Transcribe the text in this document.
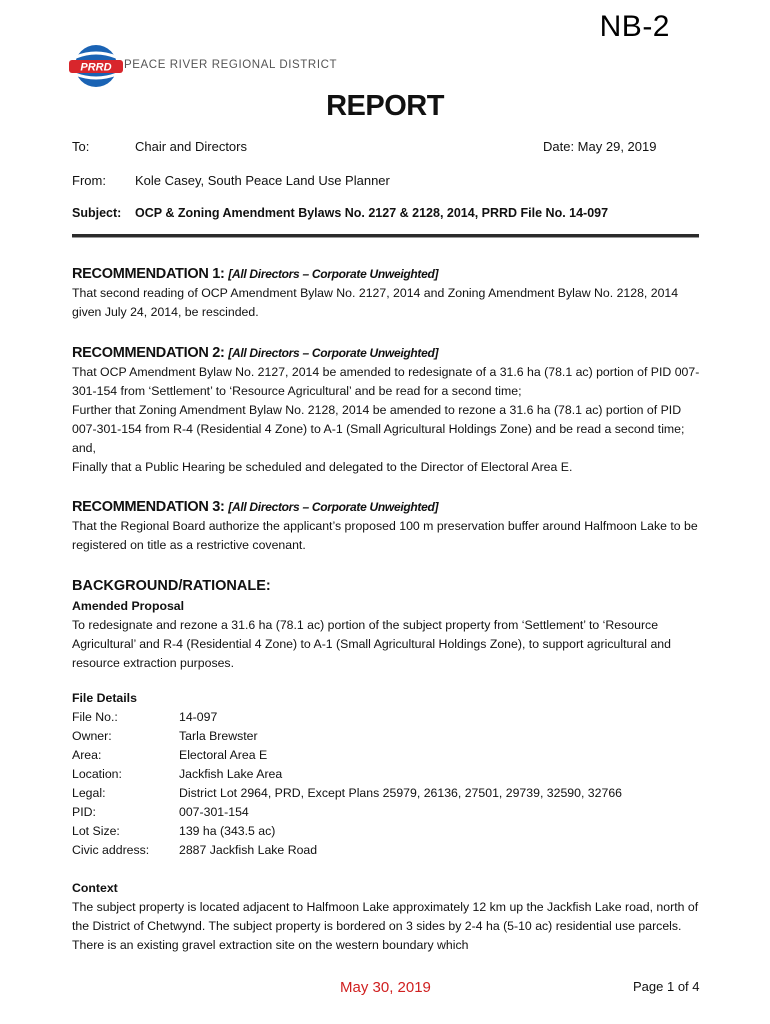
NB-2
PRRD PEACE RIVER REGIONAL DISTRICT
REPORT
To:	Chair and Directors	Date: May 29, 2019
From: Kole Casey, South Peace Land Use Planner
Subject: OCP & Zoning Amendment Bylaws No. 2127 & 2128, 2014, PRRD File No. 14-097
RECOMMENDATION 1: [All Directors – Corporate Unweighted]

That second reading of OCP Amendment Bylaw No. 2127, 2014 and Zoning Amendment Bylaw No. 2128, 2014 given July 24, 2014, be rescinded.

RECOMMENDATION 2: [All Directors – Corporate Unweighted]

That OCP Amendment Bylaw No. 2127, 2014 be amended to redesignate of a 31.6 ha (78.1 ac) portion of PID 007-301-154 from ‘Settlement’ to ‘Resource Agricultural’ and be read for a second time;

Further that Zoning Amendment Bylaw No. 2128, 2014 be amended to rezone a 31.6 ha (78.1 ac) portion of PID 007-301-154 from R-4 (Residential 4 Zone) to A-1 (Small Agricultural Holdings Zone) and be read a second time; and,

Finally that a Public Hearing be scheduled and delegated to the Director of Electoral Area E.

RECOMMENDATION 3: [All Directors – Corporate Unweighted]

That the Regional Board authorize the applicant’s proposed 100 m preservation buffer around Halfmoon Lake to be registered on title as a restrictive covenant.

BACKGROUND/RATIONALE:
Amended Proposal

To redesignate and rezone a 31.6 ha (78.1 ac) portion of the subject property from ‘Settlement’ to ‘Resource Agricultural’ and R-4 (Residential 4 Zone) to A-1 (Small Agricultural Holdings Zone), to support agricultural and resource extraction purposes.

File Details
File No.:	14-097
Owner:	Tarla Brewster
Area:	Electoral Area E
Location:	Jackfish Lake Area
Legal:	District Lot 2964, PRD, Except Plans 25979, 26136, 27501, 29739, 32590, 32766
PID:	007-301-154
Lot Size:	139 ha (343.5 ac)
Civic address:	2887 Jackfish Lake Road
Context

The subject property is located adjacent to Halfmoon Lake approximately 12 km up the Jackfish Lake road, north of the District of Chetwynd. The subject property is bordered on 3 sides by 2-4 ha (5-10 ac) residential use parcels. There is an existing gravel extraction site on the western boundary which

May 30, 2019	Page 1 of 4
